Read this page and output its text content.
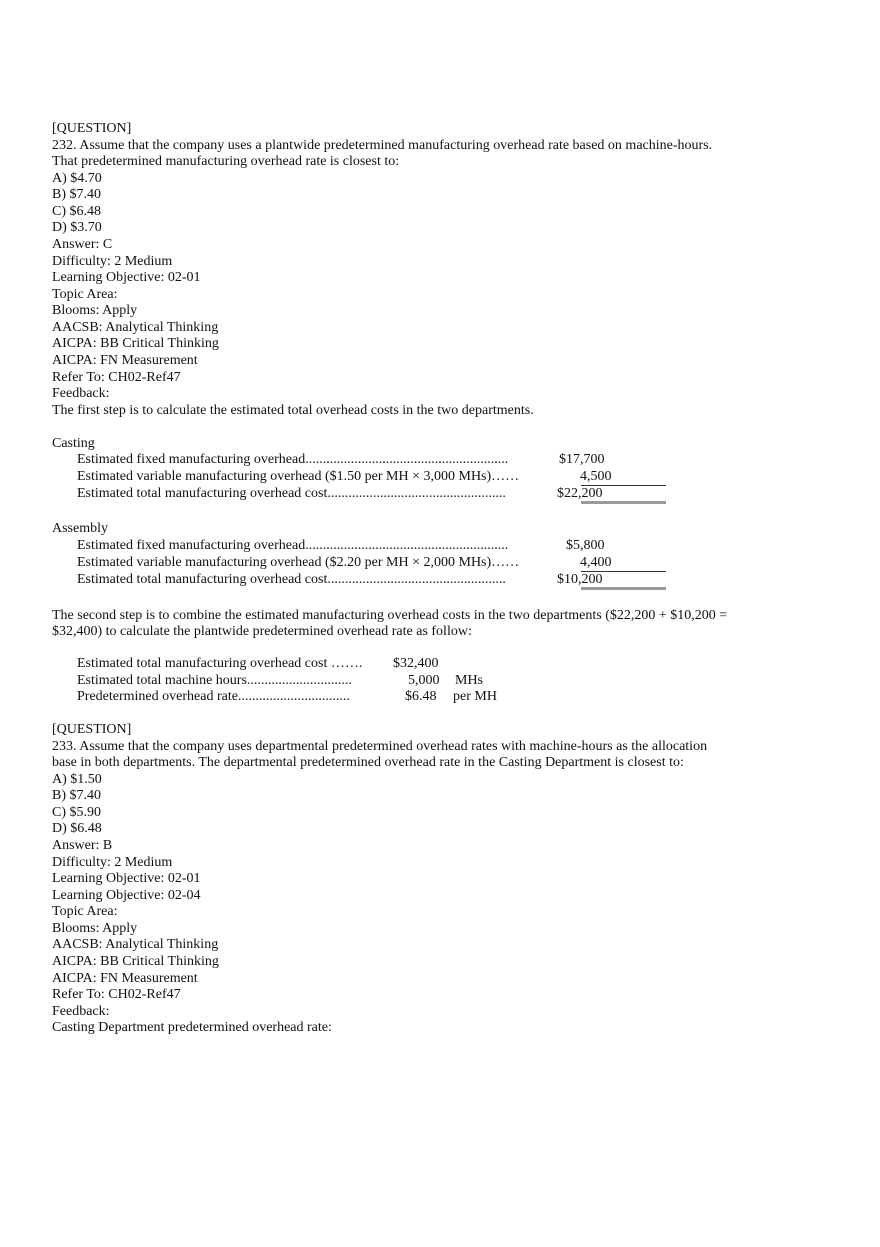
[QUESTION]
232. Assume that the company uses a plantwide predetermined manufacturing overhead rate based on machine-hours.
That predetermined manufacturing overhead rate is closest to:
A) $4.70
B) $7.40
C) $6.48
D) $3.70
Answer: C
Difficulty: 2 Medium
Learning Objective: 02-01
Topic Area:
Blooms: Apply
AACSB: Analytical Thinking
AICPA: BB Critical Thinking
AICPA: FN Measurement
Refer To: CH02-Ref47
Feedback:
The first step is to calculate the estimated total overhead costs in the two departments.
Casting
Estimated fixed manufacturing overhead..........................................................	$17,700
Estimated variable manufacturing overhead ($1.50 per MH × 3,000 MHs)……	4,500
Estimated total manufacturing overhead cost...................................................	$22,200
Assembly
Estimated fixed manufacturing overhead..........................................................	$5,800
Estimated variable manufacturing overhead ($2.20 per MH × 2,000 MHs)……	4,400
Estimated total manufacturing overhead cost...................................................	$10,200
The second step is to combine the estimated manufacturing overhead costs in the two departments ($22,200 + $10,200 =
$32,400) to calculate the plantwide predetermined overhead rate as follow:
Estimated total manufacturing overhead cost ……. $32,400
Estimated total machine hours..............................	5,000 MHs
Predetermined overhead rate................................	$6.48 per MH
[QUESTION]
233. Assume that the company uses departmental predetermined overhead rates with machine-hours as the allocation
base in both departments. The departmental predetermined overhead rate in the Casting Department is closest to:
A) $1.50
B) $7.40
C) $5.90
D) $6.48
Answer: B
Difficulty: 2 Medium
Learning Objective: 02-01
Learning Objective: 02-04
Topic Area:
Blooms: Apply
AACSB: Analytical Thinking
AICPA: BB Critical Thinking
AICPA: FN Measurement
Refer To: CH02-Ref47
Feedback:
Casting Department predetermined overhead rate:
